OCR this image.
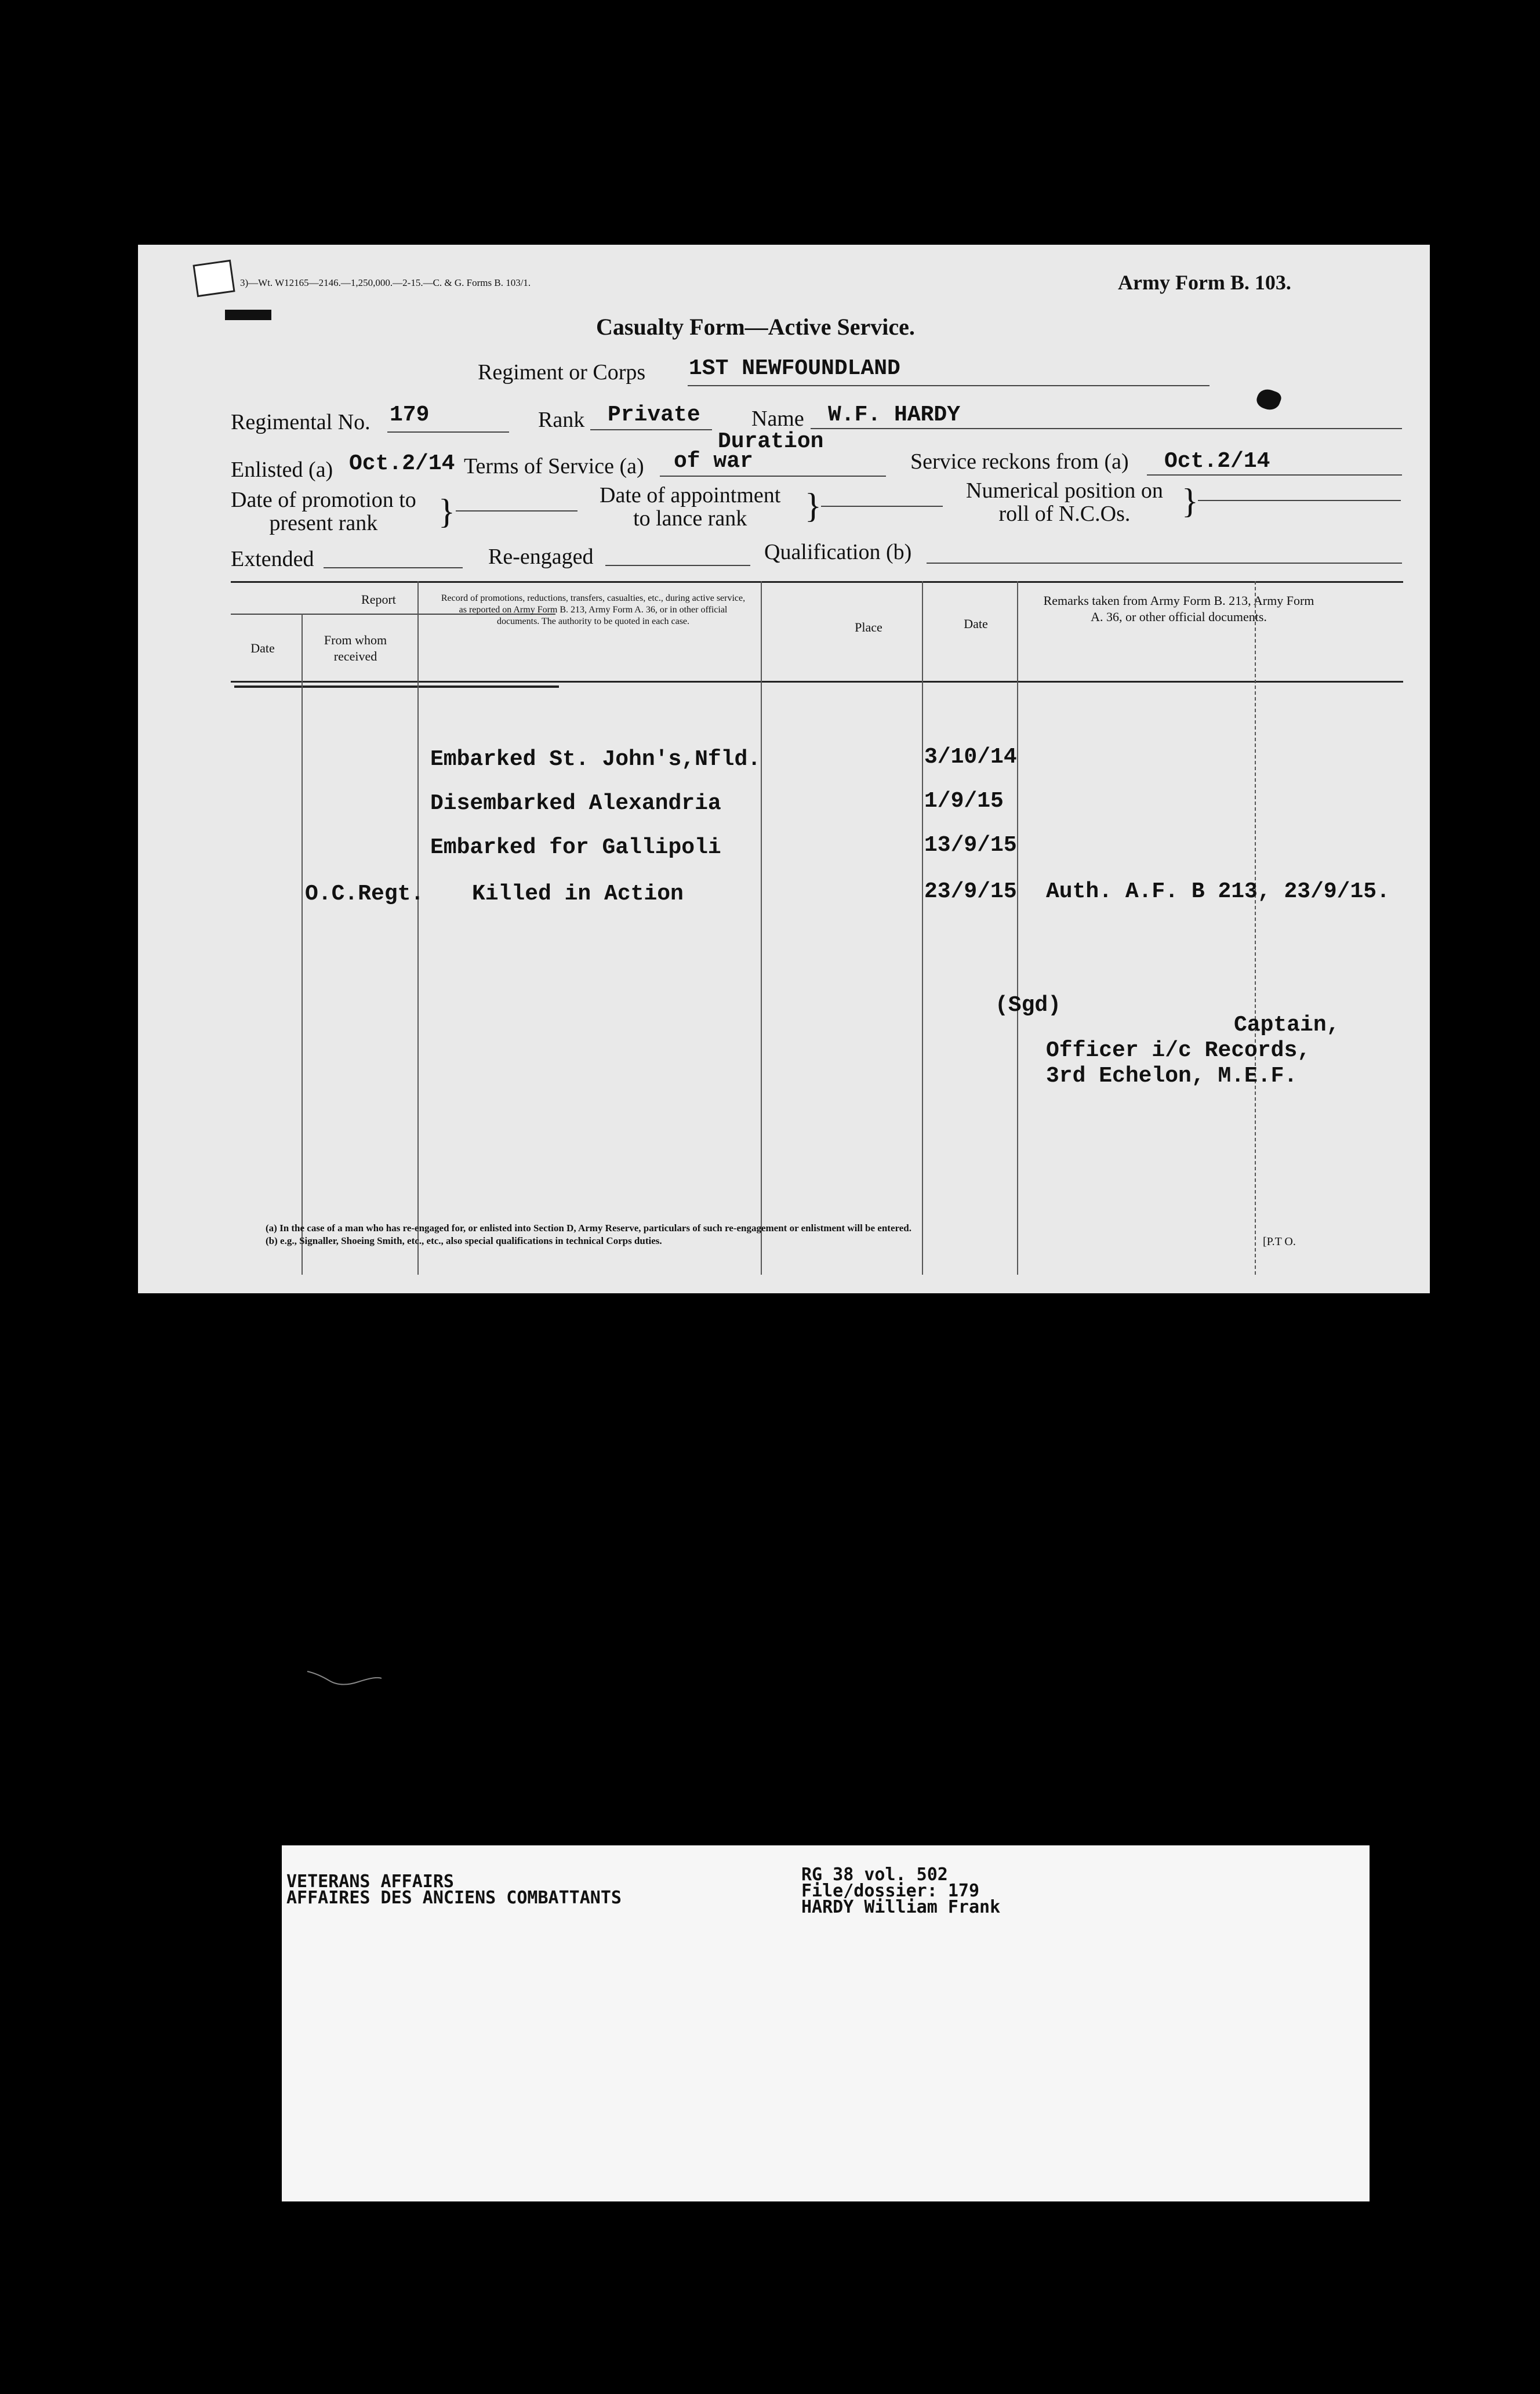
3)—Wt. W12165—2146.—1,250,000.—2-15.—C. & G. Forms B. 103/1.	Army Form B. 103.
Casualty Form—Active Service.
Regiment or Corps 1ST NEWFOUNDLAND
Regimental No. 179	Rank Private Name W.F. HARDY
Duration
Enlisted (a) Oct.2/14 Terms of Service (a) of war	Service reckons from (a) Oct.2/14
Date of promotion to
present rank	}	Date of appointment
to lance rank	}	Numerical position on
roll of N.C.Os.	}
Extended	Re-engaged	Qualification (b)
Report
Date
From whom received
Record of promotions, reductions, transfers, casualties, etc., during active service, as reported on Army Form B. 213, Army Form A. 36, or in other official documents. The authority to be quoted in each case.	Place	Date
Remarks taken from Army Form B. 213, Army Form A. 36, or other official documents.
Embarked St. John's,Nfld.	3/10/14
Disembarked Alexandria	1/9/15
Embarked for Gallipoli	13/9/15
O.C.Regt. Killed in Action	23/9/15 Auth. A.F. B 213, 23/9/15.
(Sgd)
Captain,
Officer i/c Records,
3rd Echelon, M.E.F.
(a) In the case of a man who has re-engaged for, or enlisted into Section D, Army Reserve, particulars of such re-engagement or enlistment will be entered.
(b) e.g., Signaller, Shoeing Smith, etc., etc., also special qualifications in technical Corps duties.	[P.T O.
VETERANS AFFAIRS
AFFAIRES DES ANCIENS COMBATTANTS
RG 38 vol. 502
File/dossier: 179
HARDY William Frank
